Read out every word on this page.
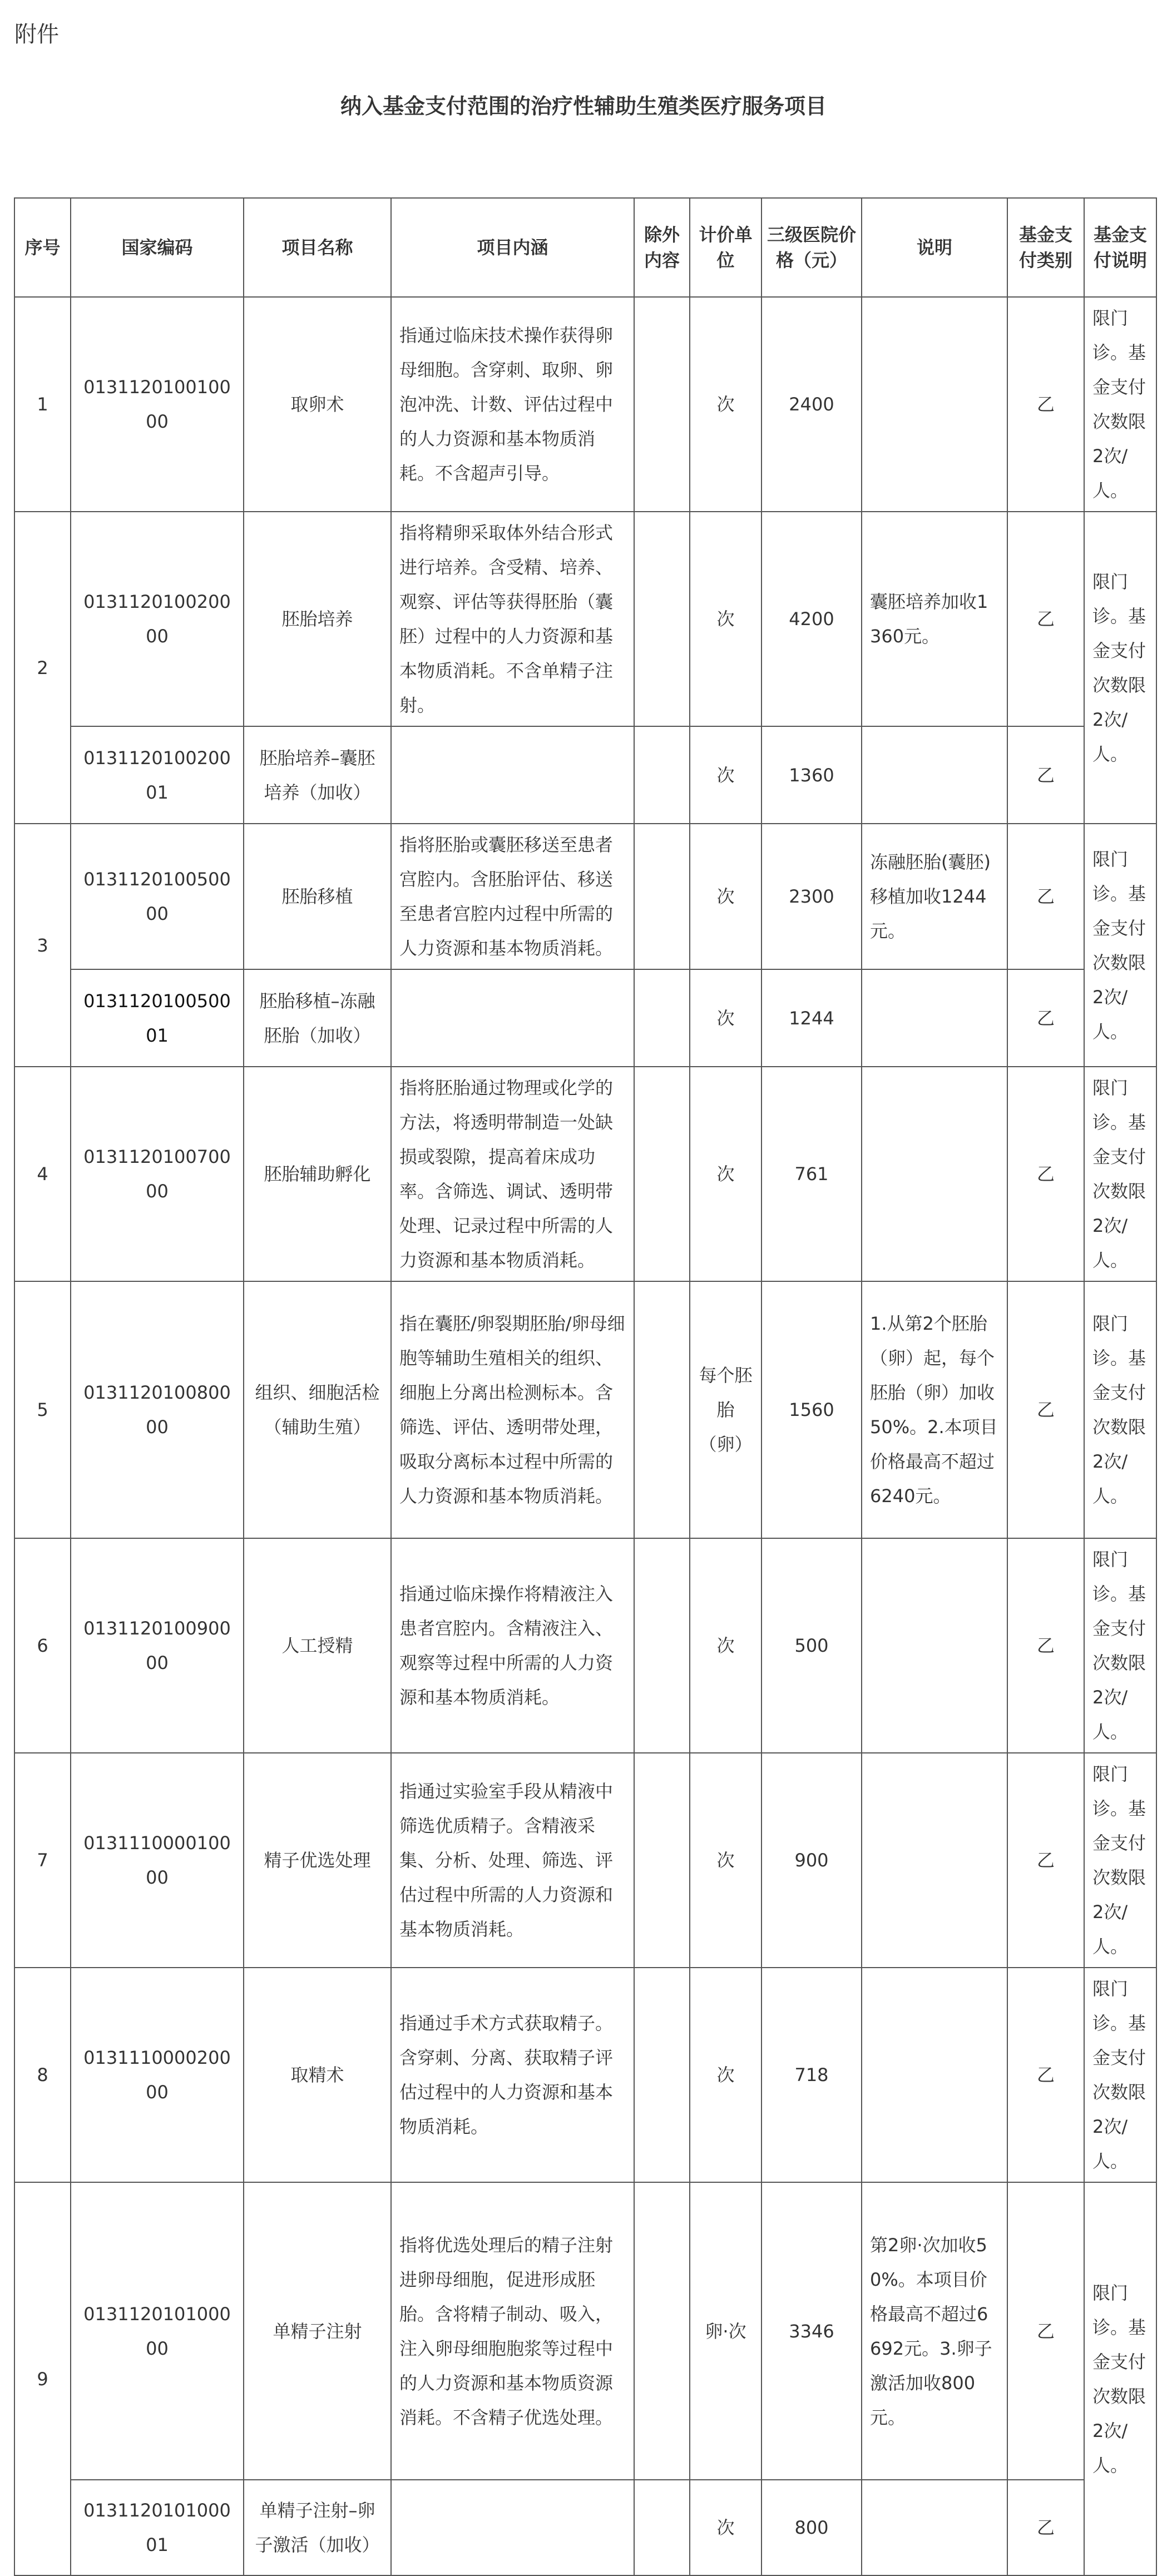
附件
纳入基金支付范围的治疗性辅助生殖类医疗服务项目
序号	国家编码	项目名称	项目内涵	除外内容	计价单位	三级医院价格（元）	说明	基金支付类别	基金支付说明
1	013112010010000	取卵术	指通过临床技术操作获得卵母细胞。含穿刺、取卵、卵泡冲洗、计数、评估过程中的人力资源和基本物质消耗。不含超声引导。		次	2400		乙	限门诊。基金支付次数限2次/人。
2	013112010020000	胚胎培养	指将精卵采取体外结合形式进行培养。含受精、培养、观察、评估等获得胚胎（囊胚）过程中的人力资源和基本物质消耗。不含单精子注射。		次	4200	囊胚培养加收1360元。	乙	限门诊。基金支付次数限2次/人。
	013112010020001	胚胎培养–囊胚培养（加收）			次	1360		乙	
3	013112010050000	胚胎移植	指将胚胎或囊胚移送至患者宫腔内。含胚胎评估、移送至患者宫腔内过程中所需的人力资源和基本物质消耗。		次	2300	冻融胚胎(囊胚)移植加收1244元。	乙	限门诊。基金支付次数限2次/人。
	013112010050001	胚胎移植–冻融胚胎（加收）			次	1244		乙	
4	013112010070000	胚胎辅助孵化	指将胚胎通过物理或化学的方法，将透明带制造一处缺损或裂隙，提高着床成功率。含筛选、调试、透明带处理、记录过程中所需的人力资源和基本物质消耗。		次	761		乙	限门诊。基金支付次数限2次/人。
5	013112010080000	组织、细胞活检（辅助生殖）	指在囊胚/卵裂期胚胎/卵母细胞等辅助生殖相关的组织、细胞上分离出检测标本。含筛选、评估、透明带处理，吸取分离标本过程中所需的人力资源和基本物质消耗。		每个胚胎（卵）	1560	1.从第2个胚胎（卵）起，每个胚胎（卵）加收50%。2.本项目价格最高不超过6240元。	乙	限门诊。基金支付次数限2次/人。
6	013112010090000	人工授精	指通过临床操作将精液注入患者宫腔内。含精液注入、观察等过程中所需的人力资源和基本物质消耗。		次	500		乙	限门诊。基金支付次数限2次/人。
7	013111000010000	精子优选处理	指通过实验室手段从精液中筛选优质精子。含精液采集、分析、处理、筛选、评估过程中所需的人力资源和基本物质消耗。		次	900		乙	限门诊。基金支付次数限2次/人。
8	013111000020000	取精术	指通过手术方式获取精子。含穿刺、分离、获取精子评估过程中的人力资源和基本物质消耗。		次	718		乙	限门诊。基金支付次数限2次/人。
9	013112010100000	单精子注射	指将优选处理后的精子注射进卵母细胞，促进形成胚胎。含将精子制动、吸入，注入卵母细胞胞浆等过程中的人力资源和基本物质资源消耗。不含精子优选处理。		卵·次	3346	第2卵·次加收50%。本项目价格最高不超过6692元。3.卵子激活加收800元。	乙	限门诊。基金支付次数限2次/人。
	013112010100001	单精子注射–卵子激活（加收）			次	800		乙	
